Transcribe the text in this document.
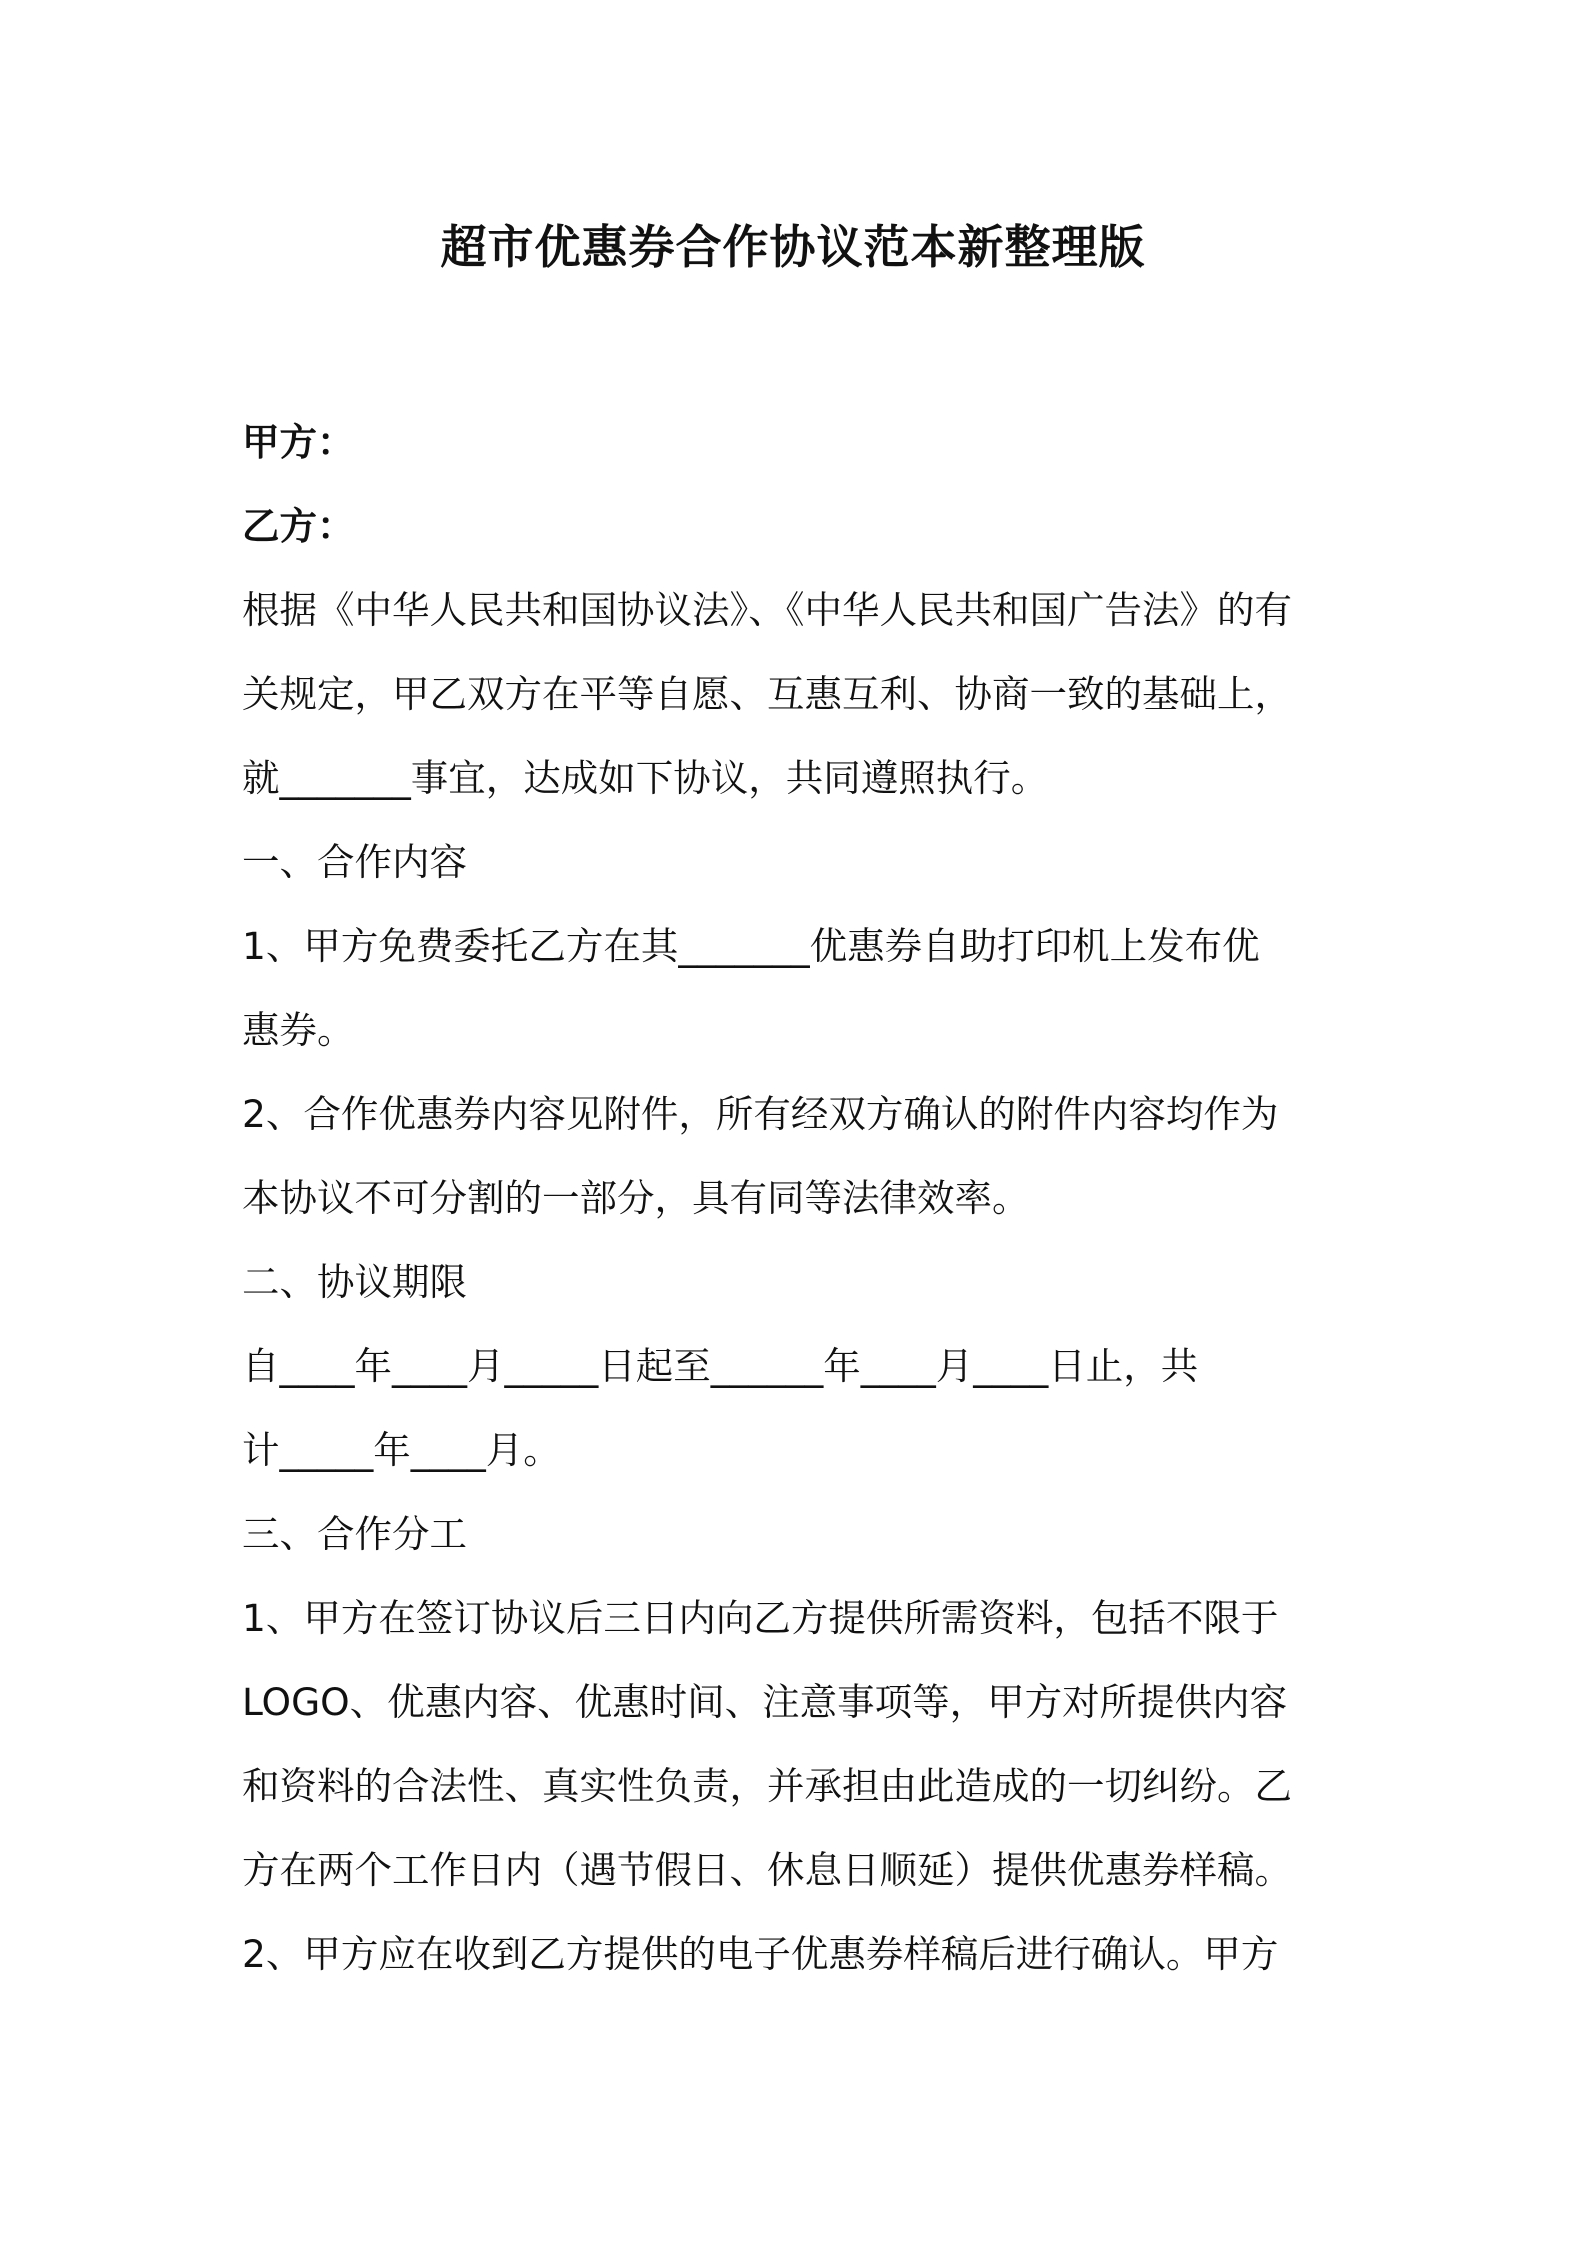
超市优惠券合作协议范本新整理版
甲方：
乙方：
根据《中华人民共和国协议法》、《中华人民共和国广告法》的有
关规定，甲乙双方在平等自愿、互惠互利、协商一致的基础上，
就_______事宜，达成如下协议，共同遵照执行。
一、合作内容
1、甲方免费委托乙方在其_______优惠券自助打印机上发布优
惠券。
2、合作优惠券内容见附件，所有经双方确认的附件内容均作为
本协议不可分割的一部分，具有同等法律效率。
二、协议期限
自____年____月_____日起至______年____月____日止，共
计_____年____月。
三、合作分工
1、甲方在签订协议后三日内向乙方提供所需资料，包括不限于
LOGO、优惠内容、优惠时间、注意事项等，甲方对所提供内容
和资料的合法性、真实性负责，并承担由此造成的一切纠纷。乙
方在两个工作日内（遇节假日、休息日顺延）提供优惠券样稿。
2、甲方应在收到乙方提供的电子优惠券样稿后进行确认。甲方
